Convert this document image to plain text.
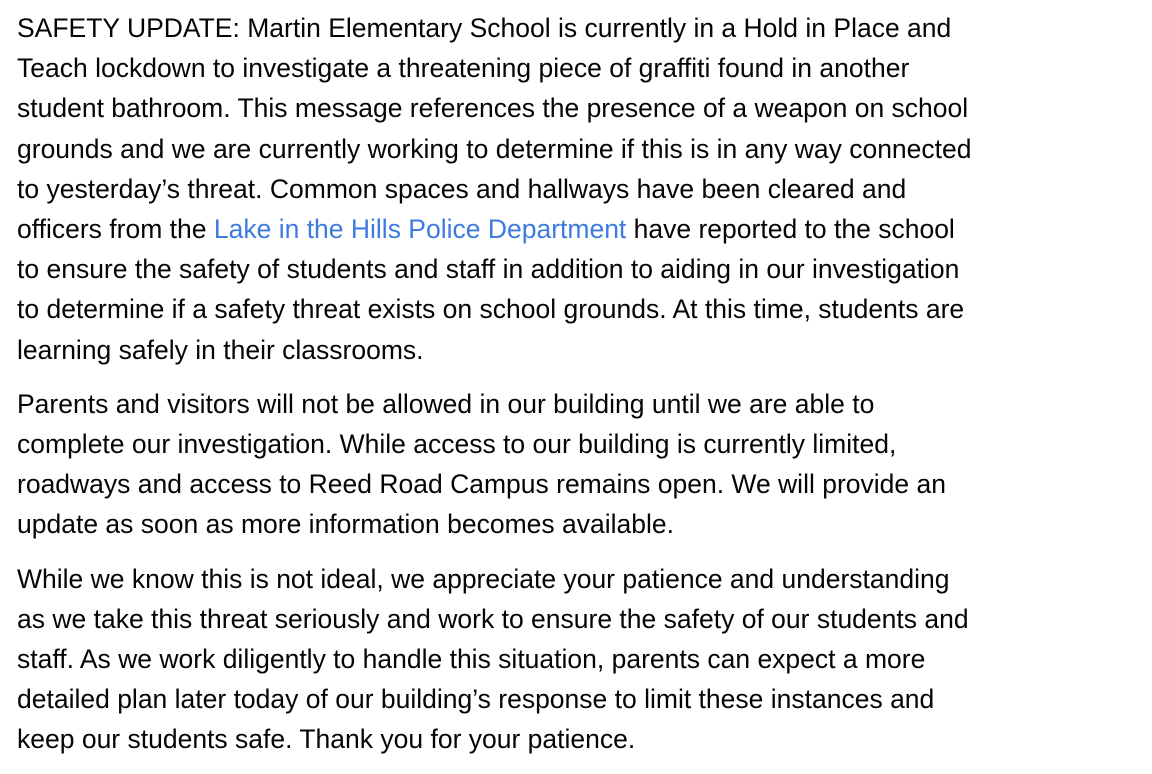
SAFETY UPDATE: Martin Elementary School is currently in a Hold in Place and
Teach lockdown to investigate a threatening piece of graffiti found in another
student bathroom. This message references the presence of a weapon on school
grounds and we are currently working to determine if this is in any way connected
to yesterday’s threat. Common spaces and hallways have been cleared and
officers from the Lake in the Hills Police Department have reported to the school
to ensure the safety of students and staff in addition to aiding in our investigation
to determine if a safety threat exists on school grounds. At this time, students are
learning safely in their classrooms.

Parents and visitors will not be allowed in our building until we are able to
complete our investigation. While access to our building is currently limited,
roadways and access to Reed Road Campus remains open. We will provide an
update as soon as more information becomes available.

While we know this is not ideal, we appreciate your patience and understanding
as we take this threat seriously and work to ensure the safety of our students and
staff. As we work diligently to handle this situation, parents can expect a more
detailed plan later today of our building’s response to limit these instances and
keep our students safe. Thank you for your patience.
